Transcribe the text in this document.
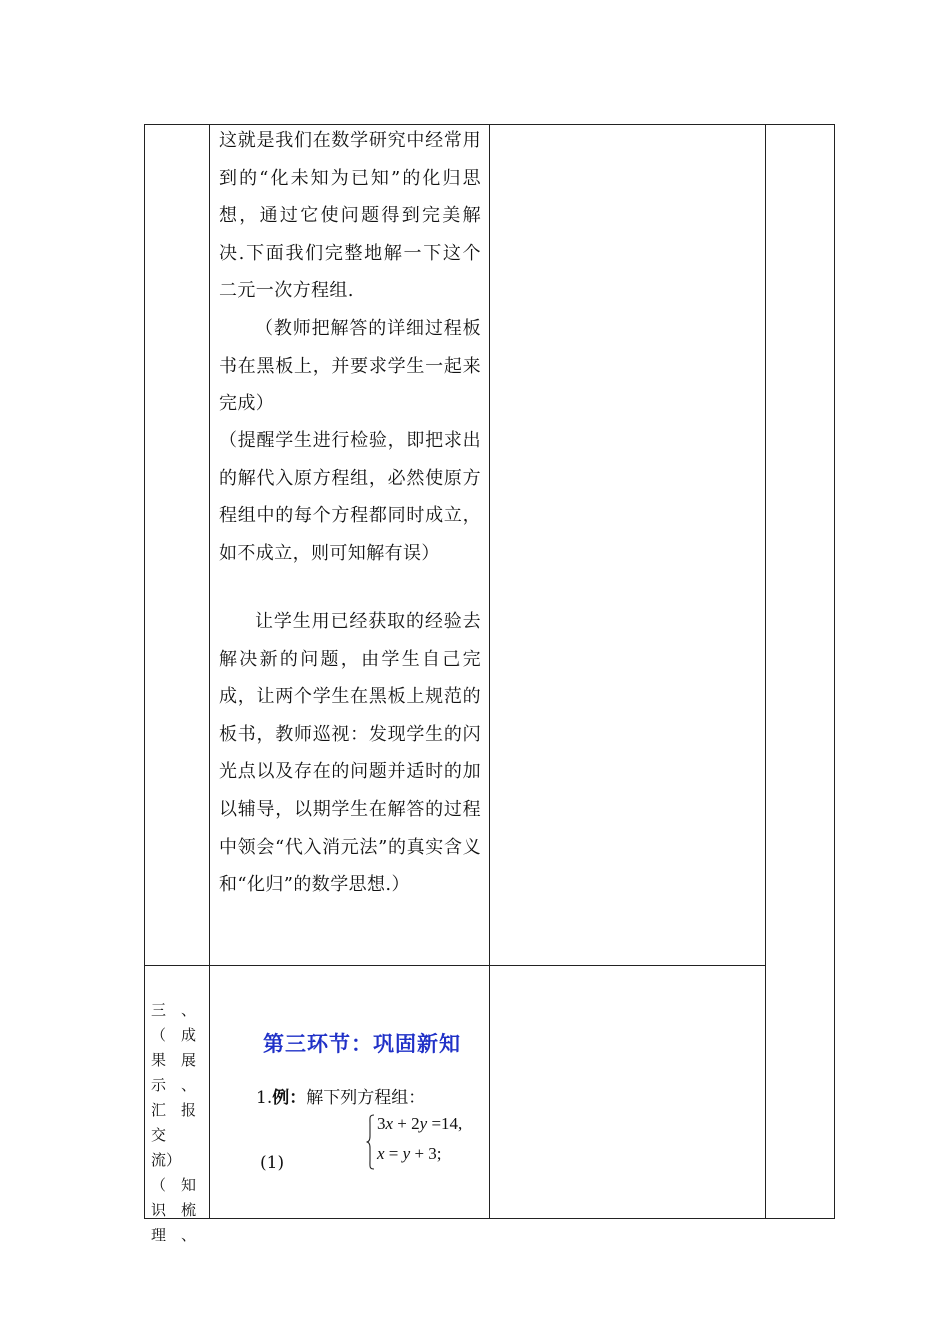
这就是我们在数学研究中经常用到的“化未知为已知”的化归思想，通过它使问题得到完美解决.下面我们完整地解一下这个二元一次方程组.

（教师把解答的详细过程板书在黑板上，并要求学生一起来完成）

（提醒学生进行检验，即把求出的解代入原方程组，必然使原方程组中的每个方程都同时成立，如不成立，则可知解有误）

让学生用已经获取的经验去解决新的问题，由学生自己完成，让两个学生在黑板上规范的板书，教师巡视：发现学生的闪光点以及存在的问题并适时的加以辅导，以期学生在解答的过程中领会“代入消元法”的真实含义和“化归”的数学思想.）

三　、
（　成
果　展
示　、
汇　报
交
流）
（　知
识　梳
理　、
第三环节：巩固新知
1.例：解下列方程组：
(1)
3x + 2y =14,
x = y + 3;
